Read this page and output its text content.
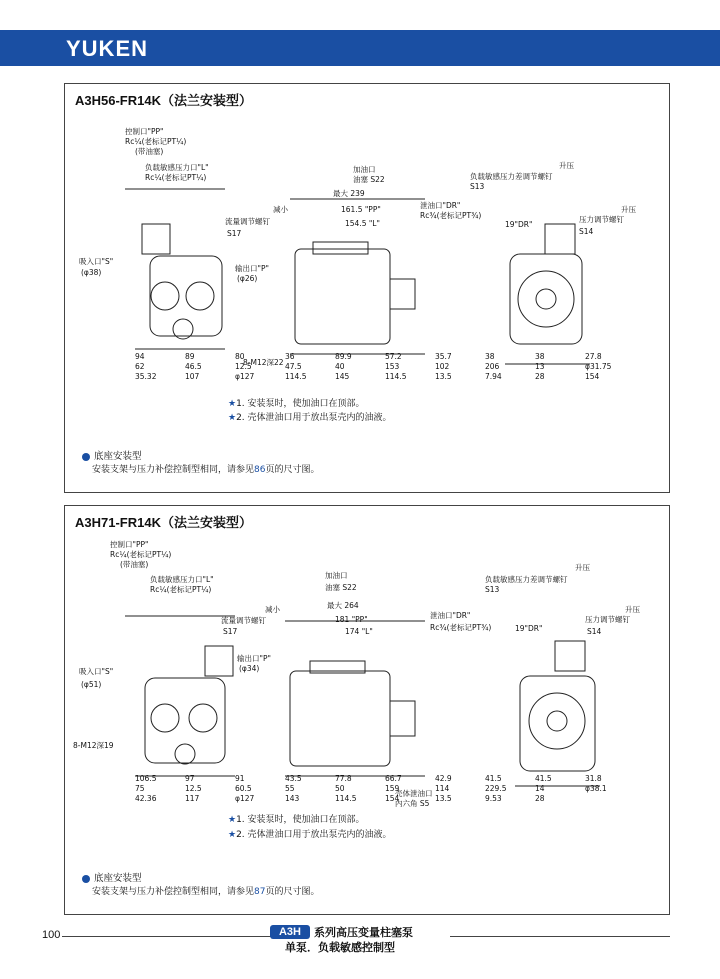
YUKEN
A3H56-FR14K（法兰安装型）
控制口"PP"
Rc¼(老标记PT¼)
(带油塞)
负载敏感压力口"L"
Rc¼(老标记PT¼)
吸入口"S"
(φ38)	输出口"P"
(φ26)
流量调节螺钉
S17
减小
8-M12深22
加油口
油塞 S22
最大 239
161.5 "PP"
154.5 "L"
泄油口"DR"
Rc¾(老标记PT¾)
负载敏感压力差调节螺钉
S13
升压
升压
压力调节螺钉
S14
19"DR"
94	89	80	36	89.9	57.2	35.7	38	38	27.8
62	46.5	12.5	47.5	40	153	102	206	13	φ31.75
35.32	107	φ127	114.5	145	114.5	13.5	7.94	28	154
★1. 安装泵时，使加油口在顶部。
★2. 壳体泄油口用于放出泵壳内的油液。
底座安装型
安装支架与压力补偿控制型相同，请参见86页的尺寸图。
A3H71-FR14K（法兰安装型）
控制口"PP"
Rc¼(老标记PT¼)
(带油塞)
负载敏感压力口"L"
Rc¼(老标记PT¼)
吸入口"S"
(φ51)
输出口"P"
(φ34)
流量调节螺钉
S17
减小
8-M12深19
加油口
油塞 S22
最大 264
181 "PP"
174 "L"
泄油口"DR"
Rc¾(老标记PT¾)
负载敏感压力差调节螺钉
S13
升压
升压
压力调节螺钉
S14
19"DR"
壳体泄油口
内六角 S5
106.5	97	91	43.5	77.8	66.7	42.9	41.5	41.5	31.8
75	12.5	60.5	55	50	159	114	229.5	14	φ38.1
42.36	117	φ127	143	114.5	154	13.5	9.53	28
★1. 安装泵时，使加油口在顶部。
★2. 壳体泄油口用于放出泵壳内的油液。
底座安装型
安装支架与压力补偿控制型相同，请参见87页的尺寸图。
100	A3H	系列高压变量柱塞泵
单泵．负载敏感控制型
